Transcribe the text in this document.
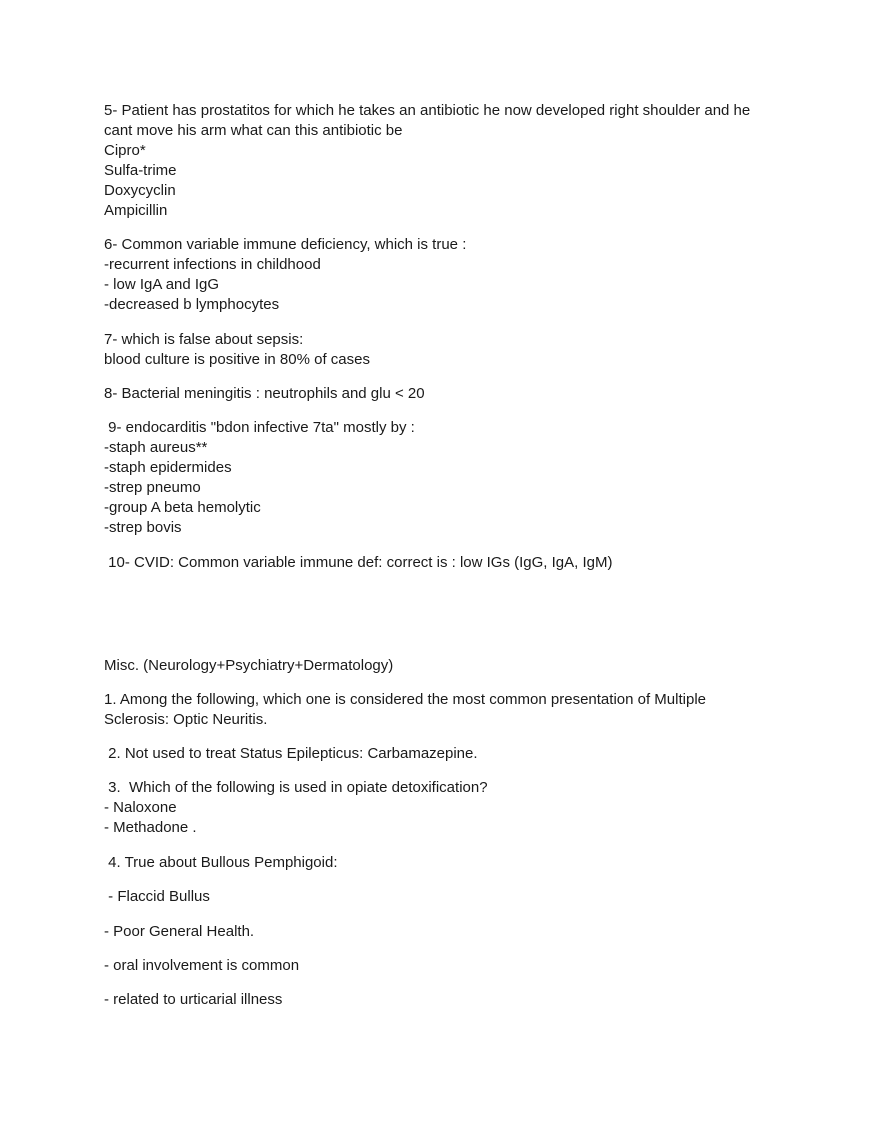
5- Patient has prostatitos for which he takes an antibiotic he now developed right shoulder and he
cant move his arm what can this antibiotic be
Cipro*
Sulfa-trime
Doxycyclin
Ampicillin
6- Common variable immune deficiency, which is true :
-recurrent infections in childhood
- low IgA and IgG
-decreased b lymphocytes
7- which is false about sepsis:
blood culture is positive in 80% of cases
8- Bacterial meningitis : neutrophils and glu < 20
9- endocarditis "bdon infective 7ta" mostly by :
-staph aureus**
-staph epidermides
-strep pneumo
-group A beta hemolytic
-strep bovis
10- CVID: Common variable immune def: correct is : low IGs (IgG, IgA, IgM)
Misc. (Neurology+Psychiatry+Dermatology)
1. Among the following, which one is considered the most common presentation of Multiple
Sclerosis: Optic Neuritis.
2. Not used to treat Status Epilepticus: Carbamazepine.
3.  Which of the following is used in opiate detoxification?
- Naloxone
- Methadone .
4. True about Bullous Pemphigoid:
- Flaccid Bullus
- Poor General Health.
- oral involvement is common
- related to urticarial illness
